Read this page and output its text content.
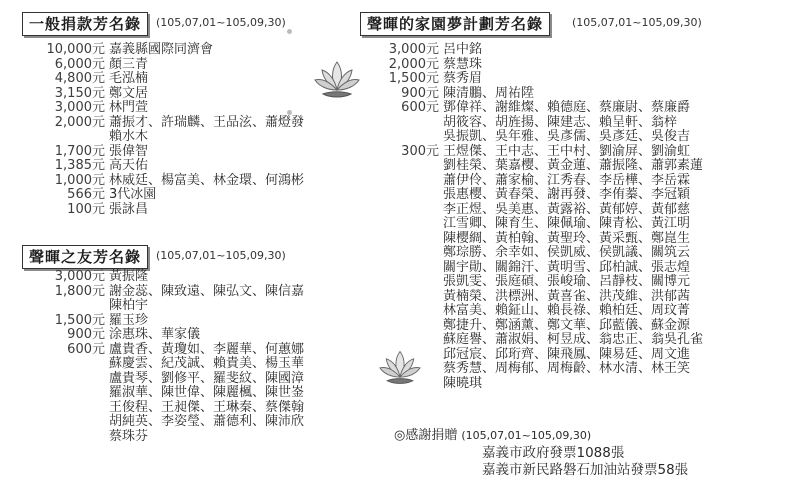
一般捐款芳名錄	(105,07,01~105,09,30)
10,000元 嘉義縣國際同濟會
6,000元 顏三青
4,800元 毛泓楠
3,150元 鄭文居
3,000元 林門萱
2,000元 蕭振才、許瑞麟、王品泫、蕭燈發
賴水木
1,700元 張偉智
1,385元 高天佑
1,000元 林威廷、楊富美、林金環、何鴻彬
566元 3代冰園
100元 張詠昌
聲暉之友芳名錄	(105,07,01~105,09,30)
3,000元 黃振隆
1,800元 謝金蕊、陳致遠、陳弘文、陳信嘉
陳柏宇
1,500元 羅玉珍
900元 涂惠珠、華家儀
600元 盧貴香、黃瓊如、李麗華、何蕙娜
蘇慶雲、紀茂誠、賴貴美、楊玉華
盧貴琴、劉修平、羅斐紋、陳國漳
羅淑華、陳世偉、陳麗楓、陳世崟
王俊程、王昶傑、王琳秦、蔡傑翰
胡純英、李姿瑩、蕭德利、陳沛欣
蔡珠芬
聲暉的家園夢計劃芳名錄	(105,07,01~105,09,30)
3,000元 呂中銘
2,000元 蔡慧珠
1,500元 蔡秀眉
900元 陳清鵬、周祐陞
600元 鄧偉祥、謝維燦、賴德庭、蔡廉尉、蔡廉爵
胡筱容、胡旌揚、陳建志、賴呈軒、翁梓
吳振凱、吳年雅、吳彥儒、吳彥廷、吳俊吉
300元 王煜傑、王中志、王中村、劉渝屏、劉渝虹
劉桂榮、葉嘉樱、黃金蓮、蕭振隆、蕭郭素蓮
蕭伊伶、蕭家榆、江秀春、李岳樺、李岳霖
張惠樱、黃春榮、謝再發、李侑蓁、李冠穎
李正煜、吳美惠、黃露裕、黃郁婷、黃郁慈
江雪卿、陳育生、陳佩瑜、陳青松、黃江明
陳樱綢、黃柏翰、黃聖玲、黃采甄、鄭崑生
鄭琮勝、余幸如、侯凱威、侯凱議、關筑云
關宇勛、關錦汗、黃明雪、邱柏誠、張志煌
張凱雯、張庭碩、張峻瑜、呂靜枝、關博元
黃楠榮、洪標洲、黃喜雀、洪茂維、洪郁茜
林富美、賴鉦山、賴長祿、賴柏廷、周玟菁
鄭捷升、鄭涵薰、鄭文華、邱藍儀、蘇金源
蘇庭譽、蕭淑娟、柯昱成、翁忠正、翁吳孔雀
邱冠宸、邱珩齊、陳飛鳳、陳易廷、周文進
蔡秀慧、周梅郁、周梅齡、林水清、林王笑
陳曉琪
◎感謝捐贈 (105,07,01~105,09,30)
嘉義市政府發票1088張
嘉義市新民路磐石加油站發票58張
